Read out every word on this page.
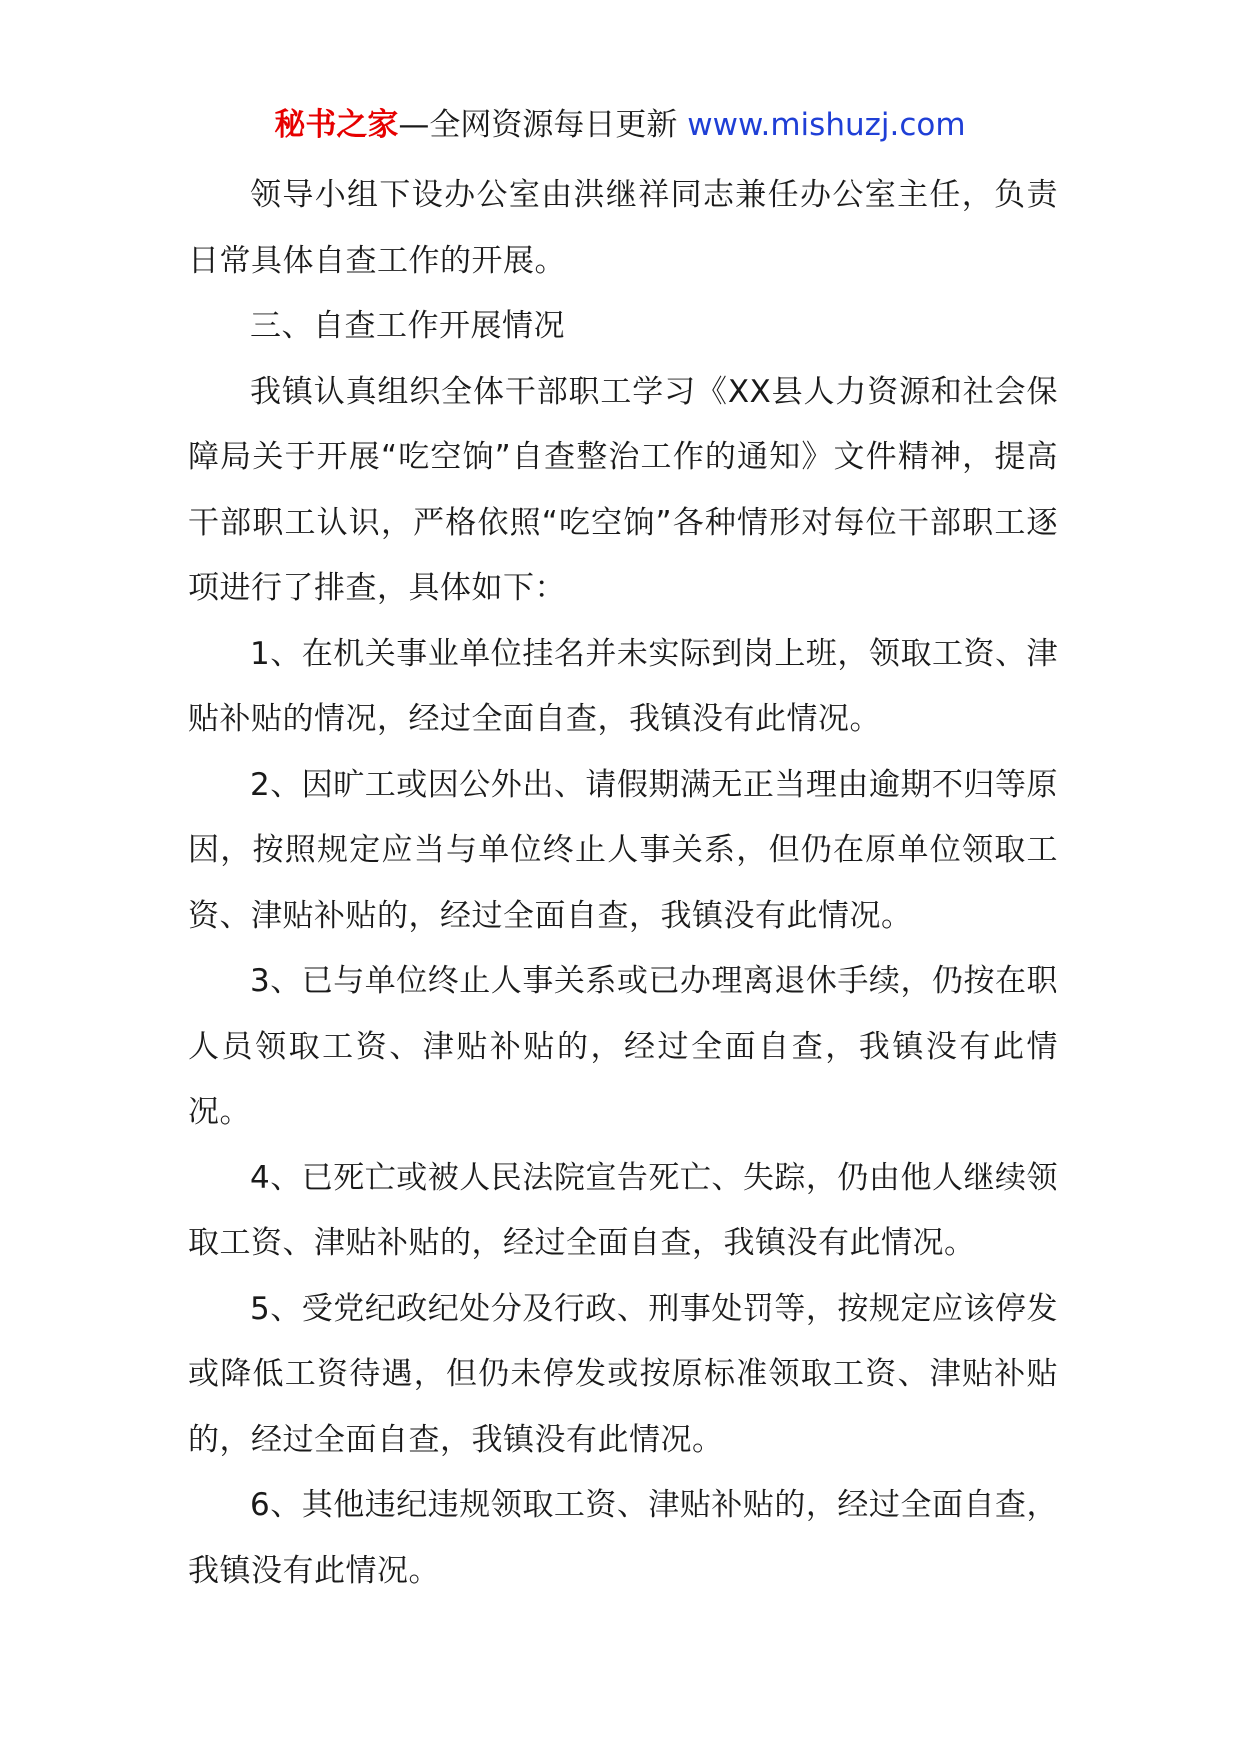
秘书之家—全网资源每日更新 www.mishuzj.com

领导小组下设办公室由洪继祥同志兼任办公室主任，负责日常具体自查工作的开展。

三、自查工作开展情况

我镇认真组织全体干部职工学习《XX县人力资源和社会保障局关于开展“吃空饷”自查整治工作的通知》文件精神，提高干部职工认识，严格依照“吃空饷”各种情形对每位干部职工逐项进行了排查，具体如下：

1、在机关事业单位挂名并未实际到岗上班，领取工资、津贴补贴的情况，经过全面自查，我镇没有此情况。

2、因旷工或因公外出、请假期满无正当理由逾期不归等原因，按照规定应当与单位终止人事关系，但仍在原单位领取工资、津贴补贴的，经过全面自查，我镇没有此情况。

3、已与单位终止人事关系或已办理离退休手续，仍按在职人员领取工资、津贴补贴的，经过全面自查，我镇没有此情况。

4、已死亡或被人民法院宣告死亡、失踪，仍由他人继续领取工资、津贴补贴的，经过全面自查，我镇没有此情况。

5、受党纪政纪处分及行政、刑事处罚等，按规定应该停发或降低工资待遇，但仍未停发或按原标准领取工资、津贴补贴的，经过全面自查，我镇没有此情况。

6、其他违纪违规领取工资、津贴补贴的，经过全面自查，我镇没有此情况。
